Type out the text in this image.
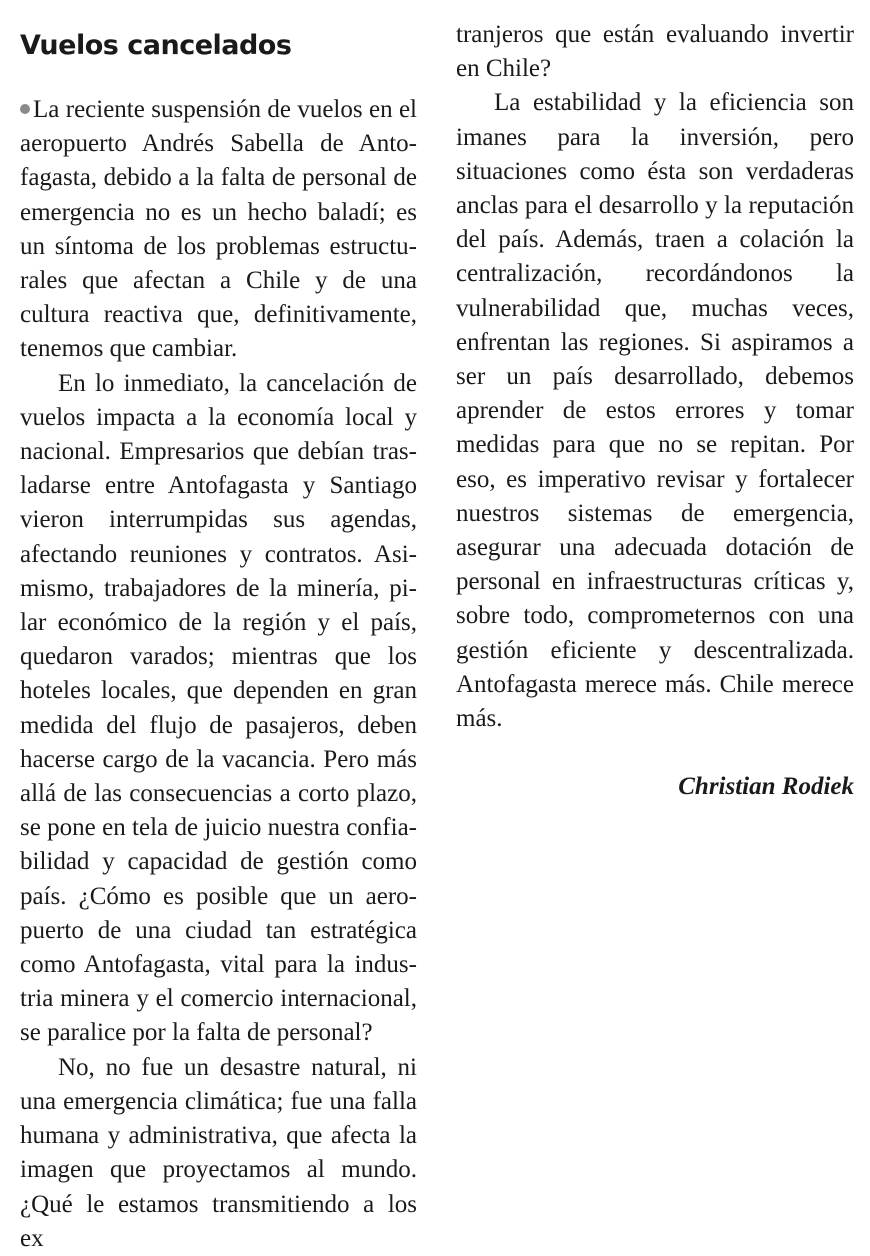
Vuelos cancelados

La reciente suspensión de vuelos en el aeropuerto Andrés Sabella de Antofagasta, debido a la falta de personal de emergencia no es un hecho baladí; es un síntoma de los problemas estructurales que afectan a Chile y de una cultura reactiva que, definitivamente, tenemos que cambiar.

En lo inmediato, la cancelación de vuelos impacta a la economía local y nacional. Empresarios que debían trasladarse entre Antofagasta y Santiago vieron interrumpidas sus agendas, afectando reuniones y contratos. Asimismo, trabajadores de la minería, pilar económico de la región y el país, quedaron varados; mientras que los hoteles locales, que dependen en gran medida del flujo de pasajeros, deben hacerse cargo de la vacancia. Pero más allá de las consecuencias a corto plazo, se pone en tela de juicio nuestra confiabilidad y capacidad de gestión como país. ¿Cómo es posible que un aeropuerto de una ciudad tan estratégica como Antofagasta, vital para la industria minera y el comercio internacional, se paralice por la falta de personal?

No, no fue un desastre natural, ni una emergencia climática; fue una falla humana y administrativa, que afecta la imagen que proyectamos al mundo. ¿Qué le estamos transmitiendo a los ex

tranjeros que están evaluando invertir en Chile?

La estabilidad y la eficiencia son imanes para la inversión, pero situaciones como ésta son verdaderas anclas para el desarrollo y la reputación del país. Además, traen a colación la centralización, recordándonos la vulnerabilidad que, muchas veces, enfrentan las regiones. Si aspiramos a ser un país desarrollado, debemos aprender de estos errores y tomar medidas para que no se repitan. Por eso, es imperativo revisar y fortalecer nuestros sistemas de emergencia, asegurar una adecuada dotación de personal en infraestructuras críticas y, sobre todo, comprometernos con una gestión eficiente y descentralizada. Antofagasta merece más. Chile merece más.

Christian Rodiek
